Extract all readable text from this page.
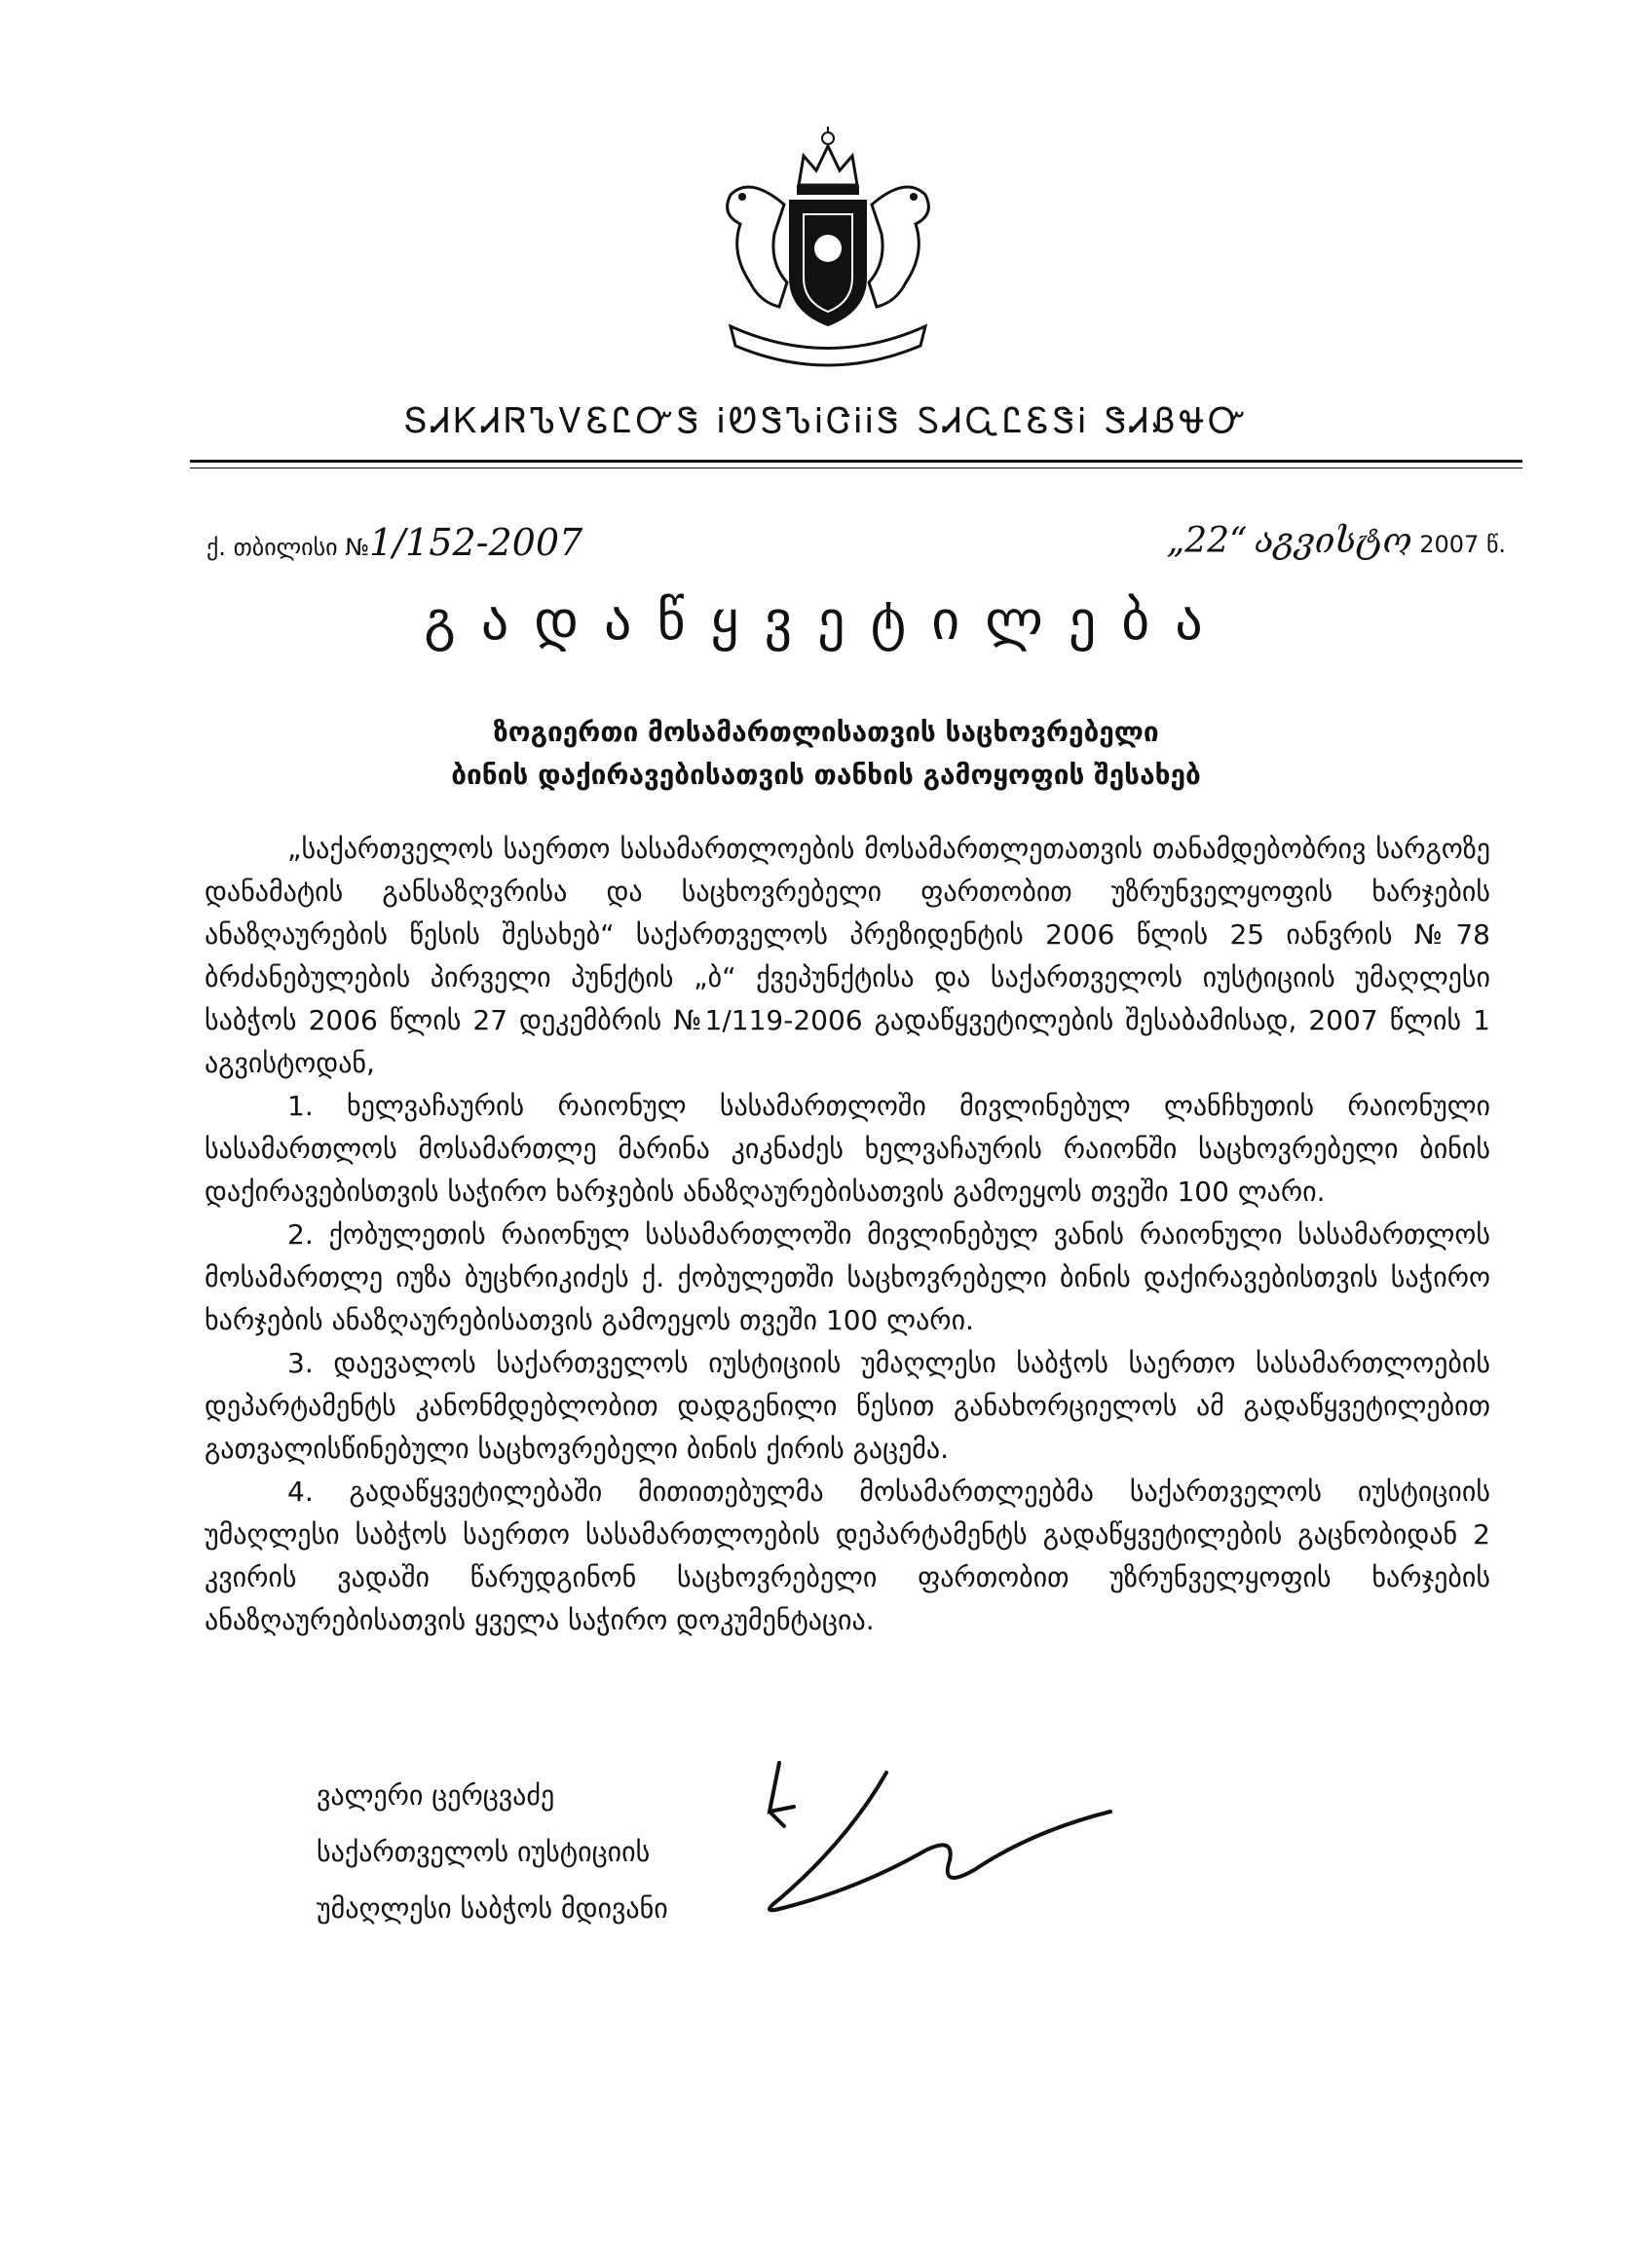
ՏᏗᏦᏗᏒᏖᏙᏋᏝᏅᏕ ᎥᏬᏕᏖᎥᏣᎥᎥᏕ ᏚᏗᏩᏝᏋᏕᎥ ᏕᏗᏰᏠᏅ
ქ. თბილისი №1/152-2007	„22“ აგვისტო 2007 წ.
გადაწყვეტილება
ზოგიერთი მოსამართლისათვის საცხოვრებელი
ბინის დაქირავებისათვის თანხის გამოყოფის შესახებ

„საქართველოს საერთო სასამართლოების მოსამართლეთათვის თანამდებობრივ სარგოზე დანამატის განსაზღვრისა და საცხოვრებელი ფართობით უზრუნველყოფის ხარჯების ანაზღაურების წესის შესახებ“ საქართველოს პრეზიდენტის 2006 წლის 25 იანვრის №78 ბრძანებულების პირველი პუნქტის „ბ“ ქვეპუნქტისა და საქართველოს იუსტიციის უმაღლესი საბჭოს 2006 წლის 27 დეკემბრის №1/119-2006 გადაწყვეტილების შესაბამისად, 2007 წლის 1 აგვისტოდან,

1. ხელვაჩაურის რაიონულ სასამართლოში მივლინებულ ლანჩხუთის რაიონული სასამართლოს მოსამართლე მარინა კიკნაძეს ხელვაჩაურის რაიონში საცხოვრებელი ბინის დაქირავებისთვის საჭირო ხარჯების ანაზღაურებისათვის გამოეყოს თვეში 100 ლარი.

2. ქობულეთის რაიონულ სასამართლოში მივლინებულ ვანის რაიონული სასამართლოს მოსამართლე იუზა ბუცხრიკიძეს ქ. ქობულეთში საცხოვრებელი ბინის დაქირავებისთვის საჭირო ხარჯების ანაზღაურებისათვის გამოეყოს თვეში 100 ლარი.

3. დაევალოს საქართველოს იუსტიციის უმაღლესი საბჭოს საერთო სასამართლოების დეპარტამენტს კანონმდებლობით დადგენილი წესით განახორციელოს ამ გადაწყვეტილებით გათვალისწინებული საცხოვრებელი ბინის ქირის გაცემა.

4. გადაწყვეტილებაში მითითებულმა მოსამართლეებმა საქართველოს იუსტიციის უმაღლესი საბჭოს საერთო სასამართლოების დეპარტამენტს გადაწყვეტილების გაცნობიდან 2 კვირის ვადაში წარუდგინონ საცხოვრებელი ფართობით უზრუნველყოფის ხარჯების ანაზღაურებისათვის ყველა საჭირო დოკუმენტაცია.

ვალერი ცერცვაძე
საქართველოს იუსტიციის
უმაღლესი საბჭოს მდივანი
